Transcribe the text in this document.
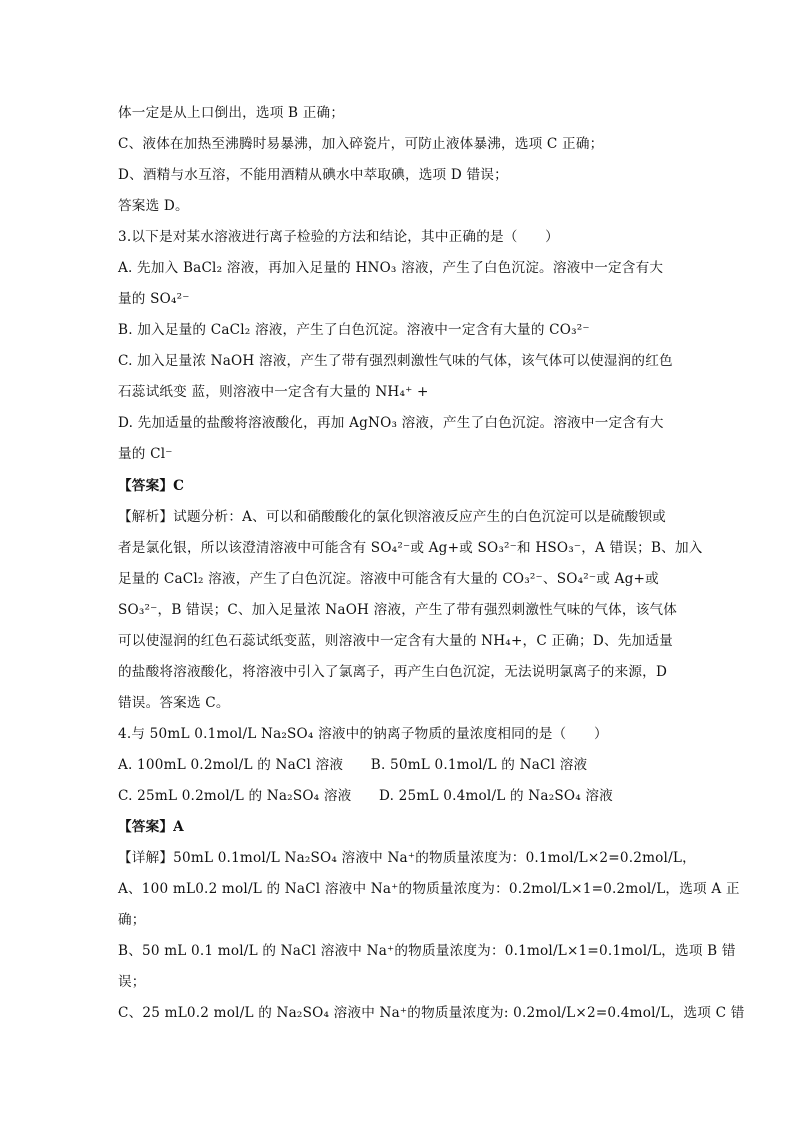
体一定是从上口倒出，选项 B 正确；
C、液体在加热至沸腾时易暴沸，加入碎瓷片，可防止液体暴沸，选项 C 正确；
D、酒精与水互溶，不能用酒精从碘水中萃取碘，选项 D 错误；
答案选 D。
3.以下是对某水溶液进行离子检验的方法和结论，其中正确的是（　　）
A. 先加入 BaCl₂ 溶液，再加入足量的 HNO₃ 溶液，产生了白色沉淀。溶液中一定含有大
量的 SO₄²⁻
B. 加入足量的 CaCl₂ 溶液，产生了白色沉淀。溶液中一定含有大量的 CO₃²⁻
C. 加入足量浓 NaOH 溶液，产生了带有强烈刺激性气味的气体，该气体可以使湿润的红色
石蕊试纸变 蓝，则溶液中一定含有大量的 NH₄⁺ +
D. 先加适量的盐酸将溶液酸化，再加 AgNO₃ 溶液，产生了白色沉淀。溶液中一定含有大
量的 Cl⁻
【答案】C
【解析】试题分析：A、可以和硝酸酸化的氯化钡溶液反应产生的白色沉淀可以是硫酸钡或
者是氯化银，所以该澄清溶液中可能含有 SO₄²⁻或 Ag+或 SO₃²⁻和 HSO₃⁻，A 错误；B、加入
足量的 CaCl₂ 溶液，产生了白色沉淀。溶液中可能含有大量的 CO₃²⁻、SO₄²⁻或 Ag+或
SO₃²⁻，B 错误；C、加入足量浓 NaOH 溶液，产生了带有强烈刺激性气味的气体，该气体
可以使湿润的红色石蕊试纸变蓝，则溶液中一定含有大量的 NH₄+，C 正确；D、先加适量
的盐酸将溶液酸化，将溶液中引入了氯离子，再产生白色沉淀，无法说明氯离子的来源，D
错误。答案选 C。
4.与 50mL 0.1mol/L Na₂SO₄ 溶液中的钠离子物质的量浓度相同的是（　　）
A. 100mL 0.2mol/L 的 NaCl 溶液　　B. 50mL 0.1mol/L 的 NaCl 溶液
C. 25mL 0.2mol/L 的 Na₂SO₄ 溶液　　D. 25mL 0.4mol/L 的 Na₂SO₄ 溶液
【答案】A
【详解】50mL 0.1mol/L Na₂SO₄ 溶液中 Na⁺的物质量浓度为：0.1mol/L×2=0.2mol/L，
A、100 mL0.2 mol/L 的 NaCl 溶液中 Na⁺的物质量浓度为：0.2mol/L×1=0.2mol/L，选项 A 正
确；
B、50 mL 0.1 mol/L 的 NaCl 溶液中 Na⁺的物质量浓度为：0.1mol/L×1=0.1mol/L，选项 B 错
误；
C、25 mL0.2 mol/L 的 Na₂SO₄ 溶液中 Na⁺的物质量浓度为: 0.2mol/L×2=0.4mol/L，选项 C 错
